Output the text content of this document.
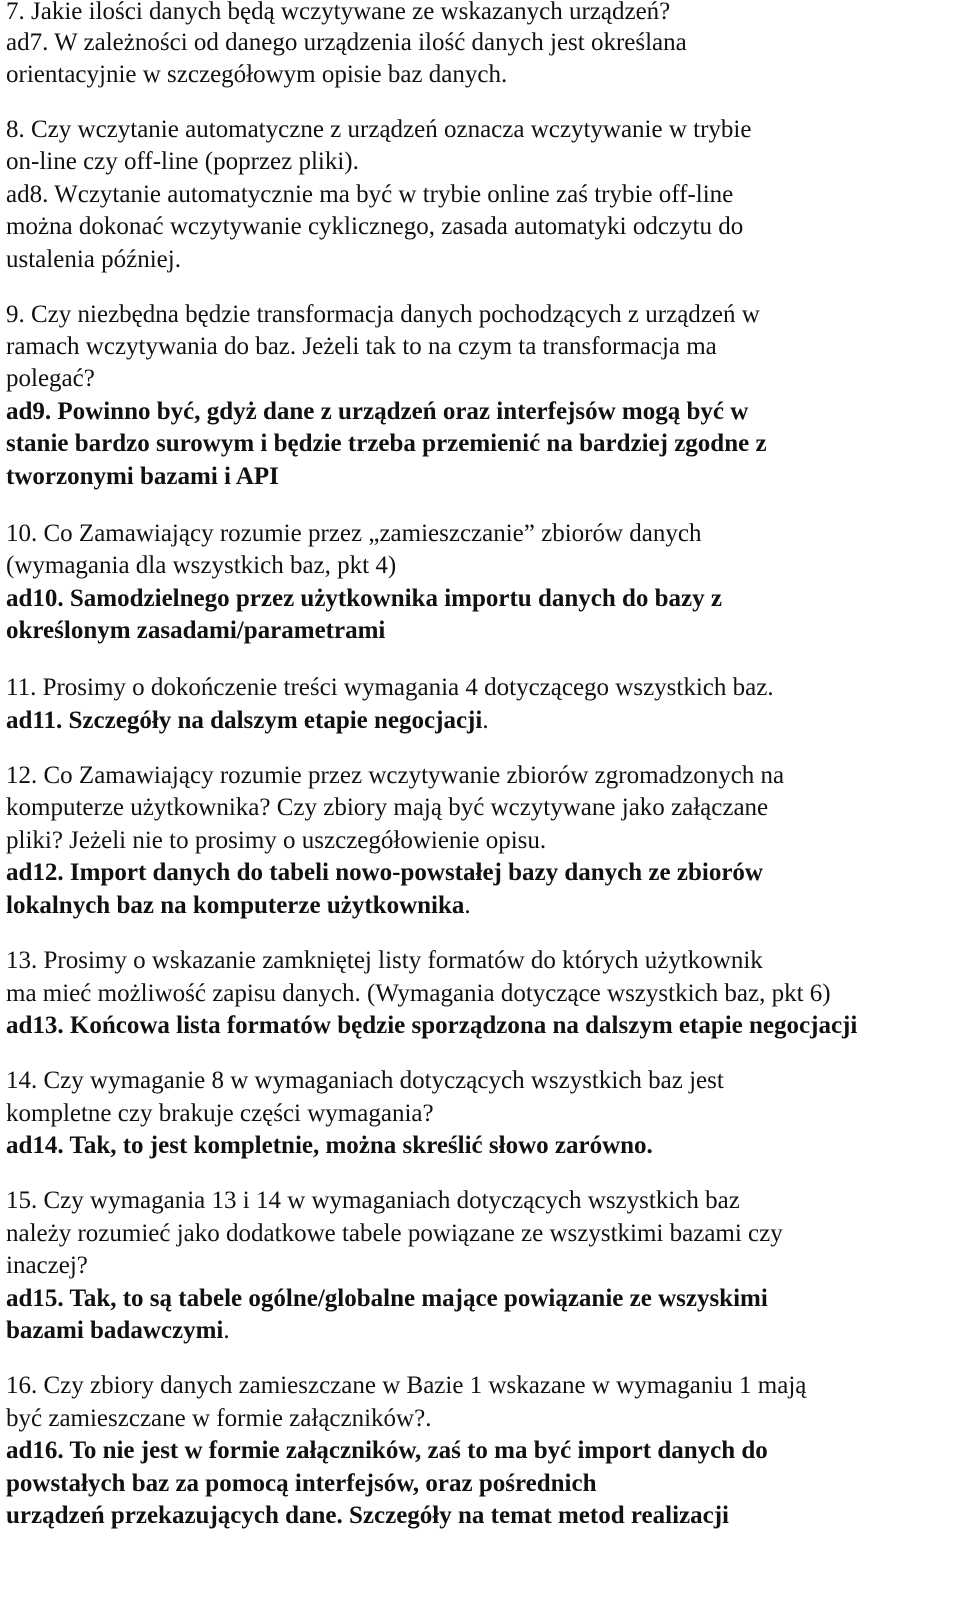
7. Jakie ilości danych będą wczytywane ze wskazanych urządzeń?
ad7. W zależności od danego urządzenia ilość danych jest określana
orientacyjnie w szczegółowym opisie baz danych.
8. Czy wczytanie automatyczne z urządzeń oznacza wczytywanie w trybie
on-line czy off-line (poprzez pliki).
ad8. Wczytanie automatycznie ma być w trybie online zaś trybie off-line
można dokonać wczytywanie cyklicznego, zasada automatyki odczytu do
ustalenia później.
9. Czy niezbędna będzie transformacja danych pochodzących z urządzeń w
ramach wczytywania do baz. Jeżeli tak to na czym ta transformacja ma
polegać?
ad9. Powinno być, gdyż dane z urządzeń oraz interfejsów mogą być w
stanie bardzo surowym i będzie trzeba przemienić na bardziej zgodne z
tworzonymi bazami i API
10. Co Zamawiający rozumie przez „zamieszczanie” zbiorów danych
(wymagania dla wszystkich baz, pkt 4)
ad10. Samodzielnego przez użytkownika importu danych do bazy z
określonym zasadami/parametrami
11. Prosimy o dokończenie treści wymagania 4 dotyczącego wszystkich baz.
ad11. Szczegóły na dalszym etapie negocjacji.
12. Co Zamawiający rozumie przez wczytywanie zbiorów zgromadzonych na
komputerze użytkownika? Czy zbiory mają być wczytywane jako załączane
pliki? Jeżeli nie to prosimy o uszczegółowienie opisu.
ad12. Import danych do tabeli nowo-powstałej bazy danych ze zbiorów
lokalnych baz na komputerze użytkownika.
13. Prosimy o wskazanie zamkniętej listy formatów do których użytkownik
ma mieć możliwość zapisu danych. (Wymagania dotyczące wszystkich baz, pkt 6)
ad13. Końcowa lista formatów będzie sporządzona na dalszym etapie negocjacji
14. Czy wymaganie 8 w wymaganiach dotyczących wszystkich baz jest
kompletne czy brakuje części wymagania?
ad14. Tak, to jest kompletnie, można skreślić słowo zarówno.
15. Czy wymagania 13 i 14 w wymaganiach dotyczących wszystkich baz
należy rozumieć jako dodatkowe tabele powiązane ze wszystkimi bazami czy
inaczej?
ad15. Tak, to są tabele ogólne/globalne mające powiązanie ze wszyskimi
bazami badawczymi.
16. Czy zbiory danych zamieszczane w Bazie 1 wskazane w wymaganiu 1 mają
być zamieszczane w formie załączników?.
ad16. To nie jest w formie załączników, zaś to ma być import danych do
powstałych baz za pomocą interfejsów, oraz pośrednich
urządzeń przekazujących dane. Szczegóły na temat metod realizacji
